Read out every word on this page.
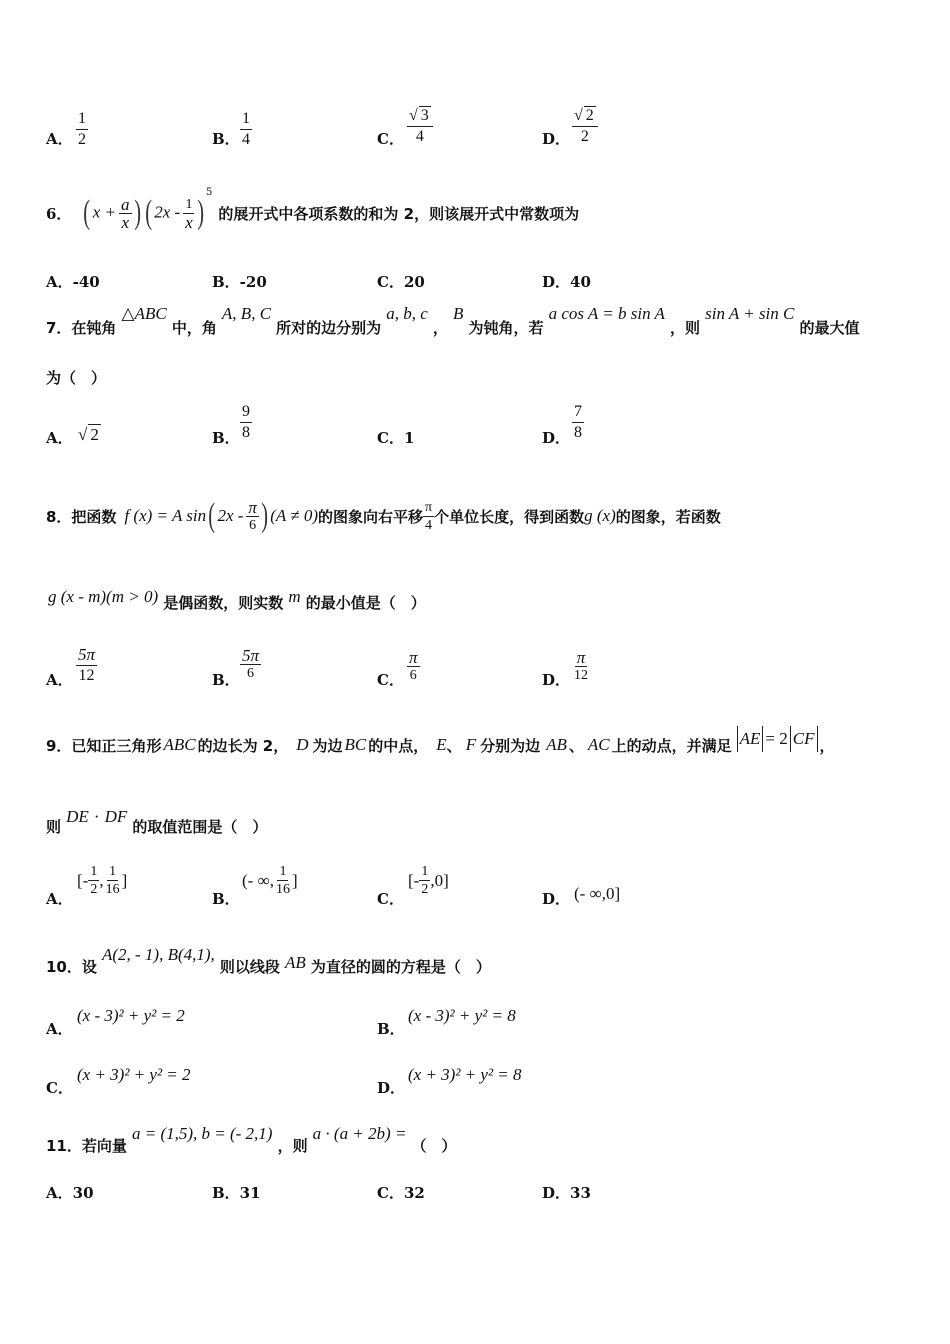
A． $\frac{1}{2}$	B． $\frac{1}{4}$	C． $\frac{√ 3}{4}$	D． $\frac{√ 2}{2}$
6． ( $x + \frac{a}{x}$ ) ( $2x - \frac{1}{x} )^5$
的展开式中各项系数的和为 2，则该展开式中常数项为
A．-40	B．-20	C．20	D．40
7．在钝角 △ABC 中，角 A, B, C 所对的边分别为 a, b, c ， B 为钝角，若 a cos A = b sin A ，则 sin A + sin C 的最大值
为（　）
A． √ 2	B． $\frac{9}{8}$	C．1	D． $\frac{7}{8}$
8．把函数 f (x) = A sin ( $2x - \frac{\pi}{6}$ ) (A ≠ 0) 的图象向右平移 $\frac{\pi}{4}$ 个单位长度，得到函数 g (x) 的图象，若函数
g (x - m)(m > 0) 是偶函数，则实数 m 的最小值是（　）
A． $\frac{5\pi}{12}$	B． $\frac{5\pi}{6}$	C． $\frac{\pi}{6}$	D． $\frac{\pi}{12}$
9．已知正三角形 ABC 的边长为 2， D 为边 BC 的中点， E 、 F 分别为边 AB 、 AC 上的动点，并满足 AE = 2 CF ，
则 DE · DF 的取值范围是（　）
A．
[- $\frac{1}{2}$ , $\frac{1}{16}$ ]
B．
(- ∞, $\frac{1}{16}$ ]
C．
[- $\frac{1}{2} ,0$]
D． (- ∞,0]
10．设 A(2, - 1), B(4,1), 则以线段 AB 为直径的圆的方程是（　）
A．
(x - 3)² + y² = 2
B．
(x - 3)² + y² = 8
C．
(x + 3)² + y² = 2
D．
(x + 3)² + y² = 8
11．若向量 a = (1,5), b = (- 2,1) ，则 a · (a + 2b) = （　）
A．30	B．31	C．32	D．33
